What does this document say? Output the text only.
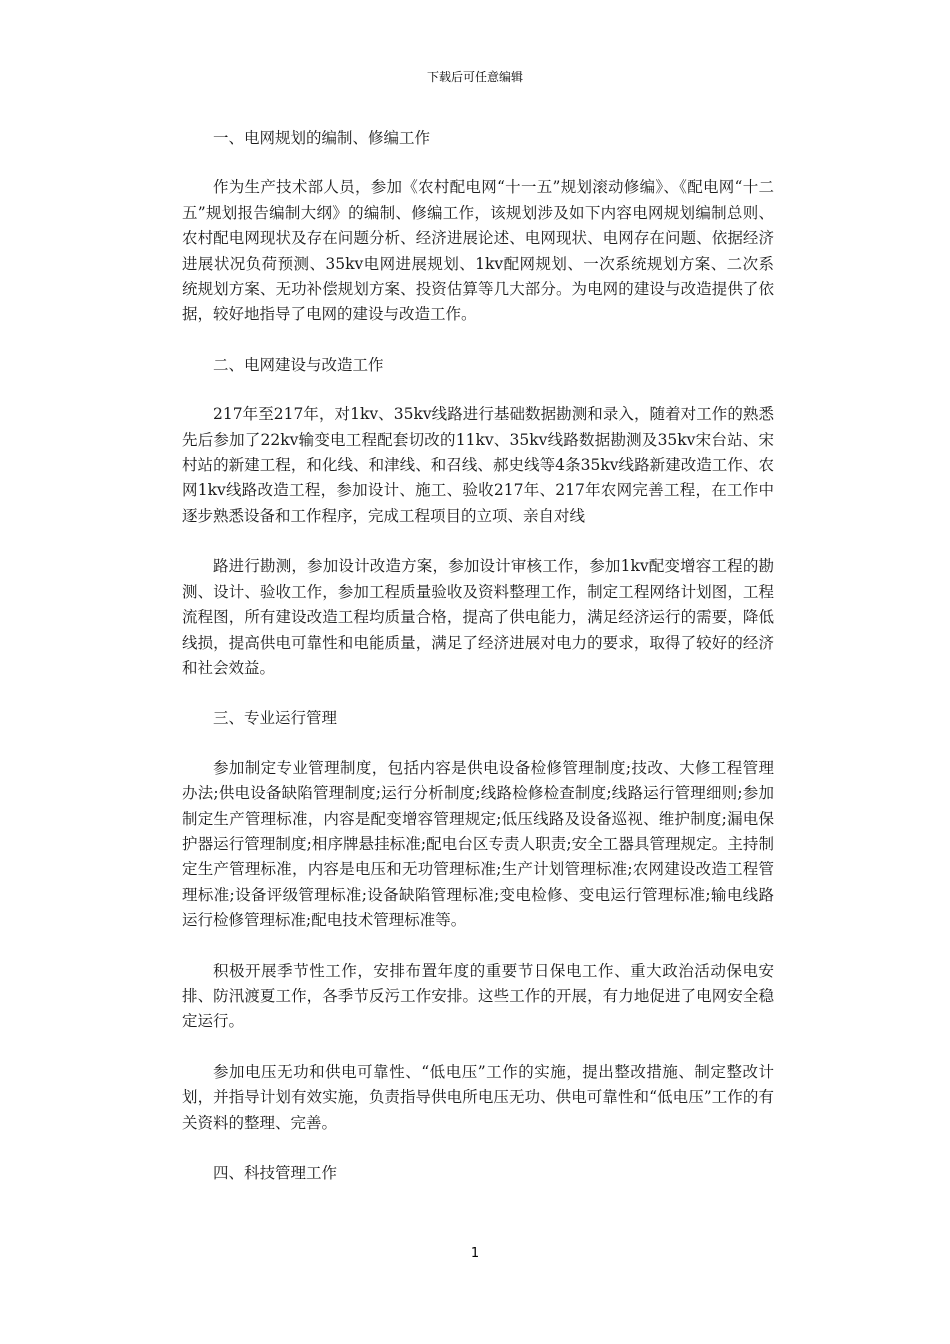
下载后可任意编辑

一、电网规划的编制、修编工作

作为生产技术部人员，参加《农村配电网“十一五”规划滚动修编》、《配电网“十二五”规划报告编制大纲》的编制、修编工作，该规划涉及如下内容电网规划编制总则、农村配电网现状及存在问题分析、经济进展论述、电网现状、电网存在问题、依据经济进展状况负荷预测、35kv电网进展规划、1kv配网规划、一次系统规划方案、二次系统规划方案、无功补偿规划方案、投资估算等几大部分。为电网的建设与改造提供了依据，较好地指导了电网的建设与改造工作。

二、电网建设与改造工作

217年至217年，对1kv、35kv线路进行基础数据勘测和录入，随着对工作的熟悉先后参加了22kv输变电工程配套切改的11kv、35kv线路数据勘测及35kv宋台站、宋村站的新建工程，和化线、和津线、和召线、郝史线等4条35kv线路新建改造工作、农网1kv线路改造工程，参加设计、施工、验收217年、217年农网完善工程，在工作中逐步熟悉设备和工作程序，完成工程项目的立项、亲自对线

路进行勘测，参加设计改造方案，参加设计审核工作，参加1kv配变增容工程的勘测、设计、验收工作，参加工程质量验收及资料整理工作，制定工程网络计划图，工程流程图，所有建设改造工程均质量合格，提高了供电能力，满足经济运行的需要，降低线损，提高供电可靠性和电能质量，满足了经济进展对电力的要求，取得了较好的经济和社会效益。

三、专业运行管理

参加制定专业管理制度，包括内容是供电设备检修管理制度;技改、大修工程管理办法;供电设备缺陷管理制度;运行分析制度;线路检修检查制度;线路运行管理细则;参加制定生产管理标准，内容是配变增容管理规定;低压线路及设备巡视、维护制度;漏电保护器运行管理制度;相序牌悬挂标准;配电台区专责人职责;安全工器具管理规定。主持制定生产管理标准，内容是电压和无功管理标准;生产计划管理标准;农网建设改造工程管理标准;设备评级管理标准;设备缺陷管理标准;变电检修、变电运行管理标准;输电线路运行检修管理标准;配电技术管理标准等。

积极开展季节性工作，安排布置年度的重要节日保电工作、重大政治活动保电安排、防汛渡夏工作，各季节反污工作安排。这些工作的开展，有力地促进了电网安全稳定运行。

参加电压无功和供电可靠性、“低电压”工作的实施，提出整改措施、制定整改计划，并指导计划有效实施，负责指导供电所电压无功、供电可靠性和“低电压”工作的有关资料的整理、完善。

四、科技管理工作

1
